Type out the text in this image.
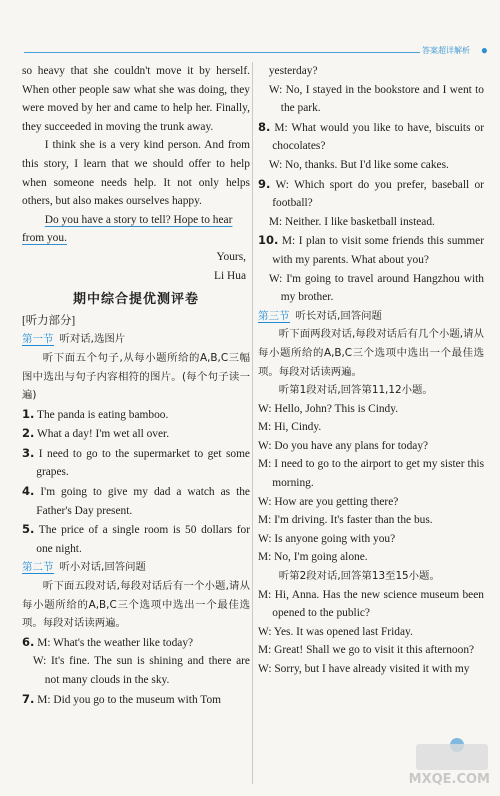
答案超详解析 ●

so heavy that she couldn't move it by herself. When other people saw what she was doing, they were moved by her and came to help her. Finally, they succeeded in moving the trunk away.

I think she is a very kind person. And from this story, I learn that we should offer to help when someone needs help. It not only helps others, but also makes ourselves happy.

Do you have a story to tell? Hope to hear from you.

Yours,

Li Hua

期中综合提优测评卷

[听力部分]

第一节 听对话,选图片

听下面五个句子,从每小题所给的A,B,C三幅图中选出与句子内容相符的图片。(每个句子读一遍)

1. The panda is eating bamboo.

2. What a day! I'm wet all over.

3. I need to go to the supermarket to get some grapes.

4. I'm going to give my dad a watch as the Father's Day present.

5. The price of a single room is 50 dollars for one night.

第二节 听小对话,回答问题

听下面五段对话,每段对话后有一个小题,请从每小题所给的A,B,C三个选项中选出一个最佳选项。每段对话读两遍。

6. M: What's the weather like today?

W: It's fine. The sun is shining and there are not many clouds in the sky.

7. M: Did you go to the museum with Tom

yesterday?

W: No, I stayed in the bookstore and I went to the park.

8. M: What would you like to have, biscuits or chocolates?

W: No, thanks. But I'd like some cakes.

9. W: Which sport do you prefer, baseball or football?

M: Neither. I like basketball instead.

10. M: I plan to visit some friends this summer with my parents. What about you?

W: I'm going to travel around Hangzhou with my brother.

第三节 听长对话,回答问题

听下面两段对话,每段对话后有几个小题,请从每小题所给的A,B,C三个选项中选出一个最佳选项。每段对话读两遍。

听第1段对话,回答第11,12小题。

W: Hello, John? This is Cindy.

M: Hi, Cindy.

W: Do you have any plans for today?

M: I need to go to the airport to get my sister this morning.

W: How are you getting there?

M: I'm driving. It's faster than the bus.

W: Is anyone going with you?

M: No, I'm going alone.

听第2段对话,回答第13至15小题。

M: Hi, Anna. Has the new science museum been opened to the public?

W: Yes. It was opened last Friday.

M: Great! Shall we go to visit it this afternoon?

W: Sorry, but I have already visited it with my

MXQE.COM
